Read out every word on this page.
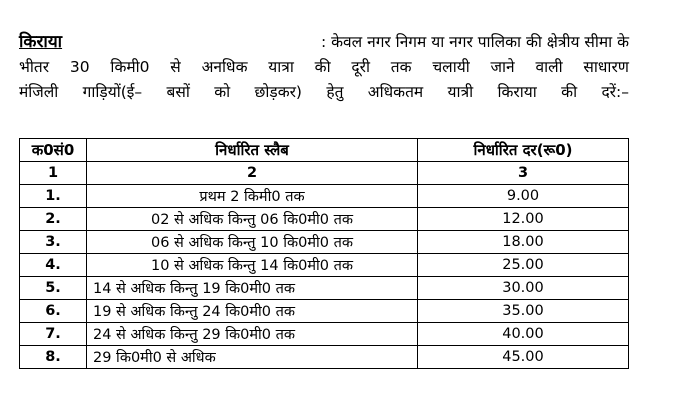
किराया	: केवल नगर निगम या नगर पालिका की क्षेत्रीय सीमा के
भीतर 30 किमी0 से अनधिक यात्रा की दूरी तक चलायी जाने वाली साधारण
मंजिली गाड़ियों(ई– बसों को छोड़कर) हेतु अधिकतम यात्री किराया की दरें:–
क0सं0	निर्धारित स्लैब	निर्धारित दर(रू0)
1	2	3
1.	प्रथम 2 किमी0 तक	9.00
2.	02 से अधिक किन्तु 06 कि0मी0 तक	12.00
3.	06 से अधिक किन्तु 10 कि0मी0 तक	18.00
4.	10 से अधिक किन्तु 14 कि0मी0 तक	25.00
5.	14 से अधिक किन्तु 19 कि0मी0 तक	30.00
6.	19 से अधिक किन्तु 24 कि0मी0 तक	35.00
7.	24 से अधिक किन्तु 29 कि0मी0 तक	40.00
8.	29 कि0मी0 से अधिक	45.00
